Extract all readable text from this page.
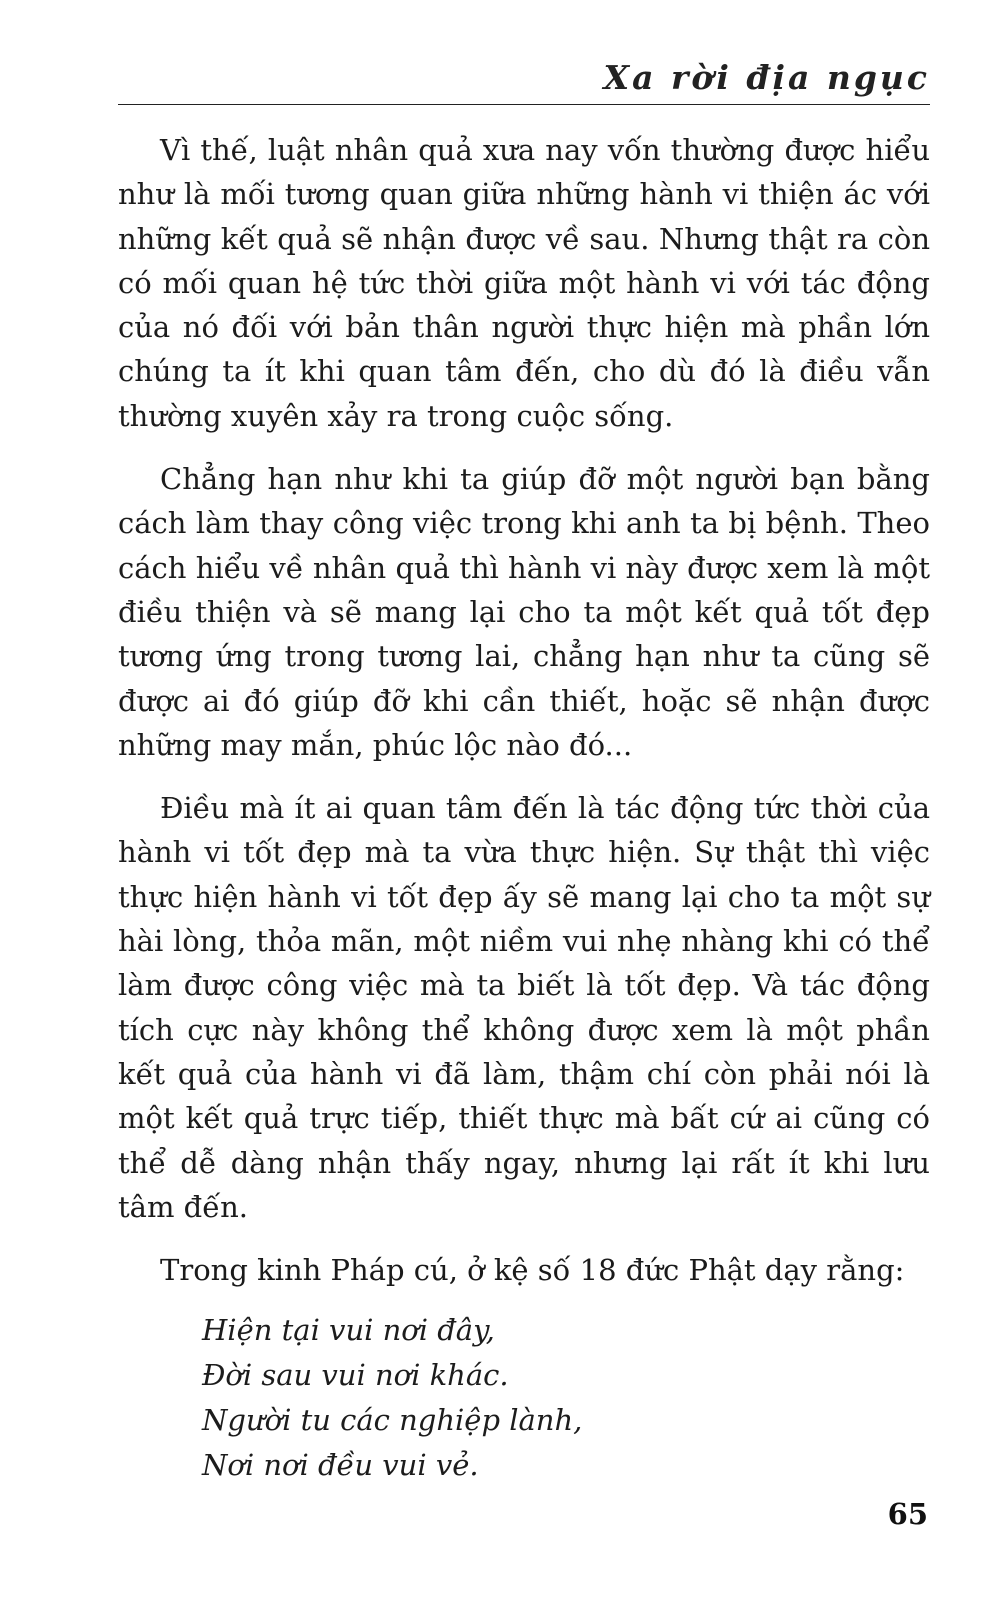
Xa rời địa ngục

Vì thế, luật nhân quả xưa nay vốn thường được hiểu như là mối tương quan giữa những hành vi thiện ác với những kết quả sẽ nhận được về sau. Nhưng thật ra còn có mối quan hệ tức thời giữa một hành vi với tác động của nó đối với bản thân người thực hiện mà phần lớn chúng ta ít khi quan tâm đến, cho dù đó là điều vẫn thường xuyên xảy ra trong cuộc sống.

Chẳng hạn như khi ta giúp đỡ một người bạn bằng cách làm thay công việc trong khi anh ta bị bệnh. Theo cách hiểu về nhân quả thì hành vi này được xem là một điều thiện và sẽ mang lại cho ta một kết quả tốt đẹp tương ứng trong tương lai, chẳng hạn như ta cũng sẽ được ai đó giúp đỡ khi cần thiết, hoặc sẽ nhận được những may mắn, phúc lộc nào đó...

Điều mà ít ai quan tâm đến là tác động tức thời của hành vi tốt đẹp mà ta vừa thực hiện. Sự thật thì việc thực hiện hành vi tốt đẹp ấy sẽ mang lại cho ta một sự hài lòng, thỏa mãn, một niềm vui nhẹ nhàng khi có thể làm được công việc mà ta biết là tốt đẹp. Và tác động tích cực này không thể không được xem là một phần kết quả của hành vi đã làm, thậm chí còn phải nói là một kết quả trực tiếp, thiết thực mà bất cứ ai cũng có thể dễ dàng nhận thấy ngay, nhưng lại rất ít khi lưu tâm đến.

Trong kinh Pháp cú, ở kệ số 18 đức Phật dạy rằng:

Hiện tại vui nơi đây,
Đời sau vui nơi khác.
Người tu các nghiệp lành,
Nơi nơi đều vui vẻ.
65
